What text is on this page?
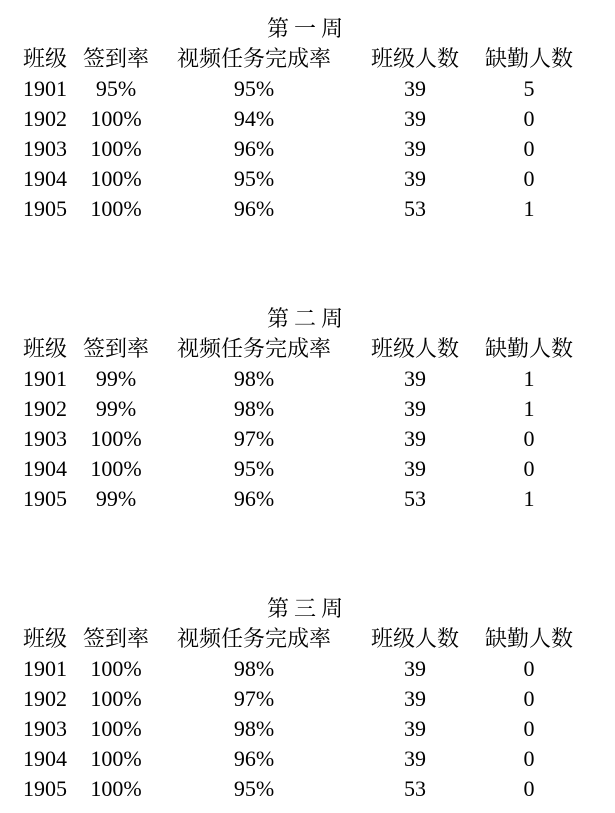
第一周
班级 签到率	视频任务完成率	班级人数	缺勤人数
1901	95%	95%	39	5
1902	100%	94%	39	0
1903	100%	96%	39	0
1904	100%	95%	39	0
1905	100%	96%	53	1
第二周
班级 签到率	视频任务完成率	班级人数	缺勤人数
1901	99%	98%	39	1
1902	99%	98%	39	1
1903	100%	97%	39	0
1904	100%	95%	39	0
1905	99%	96%	53	1
第三周
班级 签到率	视频任务完成率	班级人数	缺勤人数
1901	100%	98%	39	0
1902	100%	97%	39	0
1903	100%	98%	39	0
1904	100%	96%	39	0
1905	100%	95%	53	0
